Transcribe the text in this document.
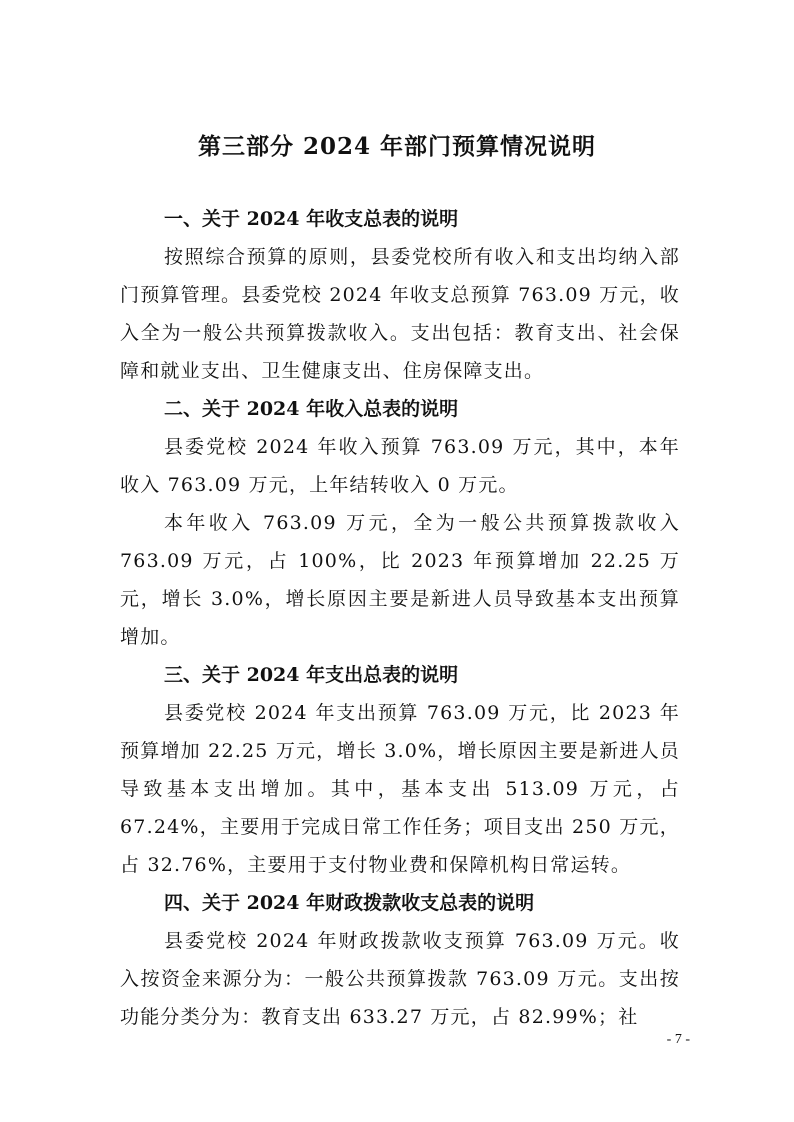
第三部分 2024 年部门预算情况说明
一、关于 2024 年收支总表的说明

按照综合预算的原则，县委党校所有收入和支出均纳入部门预算管理。县委党校 2024 年收支总预算 763.09 万元，收入全为一般公共预算拨款收入。支出包括：教育支出、社会保障和就业支出、卫生健康支出、住房保障支出。

二、关于 2024 年收入总表的说明

县委党校 2024 年收入预算 763.09 万元，其中，本年收入 763.09 万元，上年结转收入 0 万元。

本年收入 763.09 万元，全为一般公共预算拨款收入 763.09 万元，占 100%，比 2023 年预算增加 22.25 万元，增长 3.0%，增长原因主要是新进人员导致基本支出预算增加。

三、关于 2024 年支出总表的说明

县委党校 2024 年支出预算 763.09 万元，比 2023 年预算增加 22.25 万元，增长 3.0%，增长原因主要是新进人员导致基本支出增加。其中，基本支出 513.09 万元，占 67.24%，主要用于完成日常工作任务；项目支出 250 万元，占 32.76%，主要用于支付物业费和保障机构日常运转。

四、关于 2024 年财政拨款收支总表的说明

县委党校 2024 年财政拨款收支预算 763.09 万元。收入按资金来源分为：一般公共预算拨款 763.09 万元。支出按功能分类分为：教育支出 633.27 万元，占 82.99%；社

- 7 -
